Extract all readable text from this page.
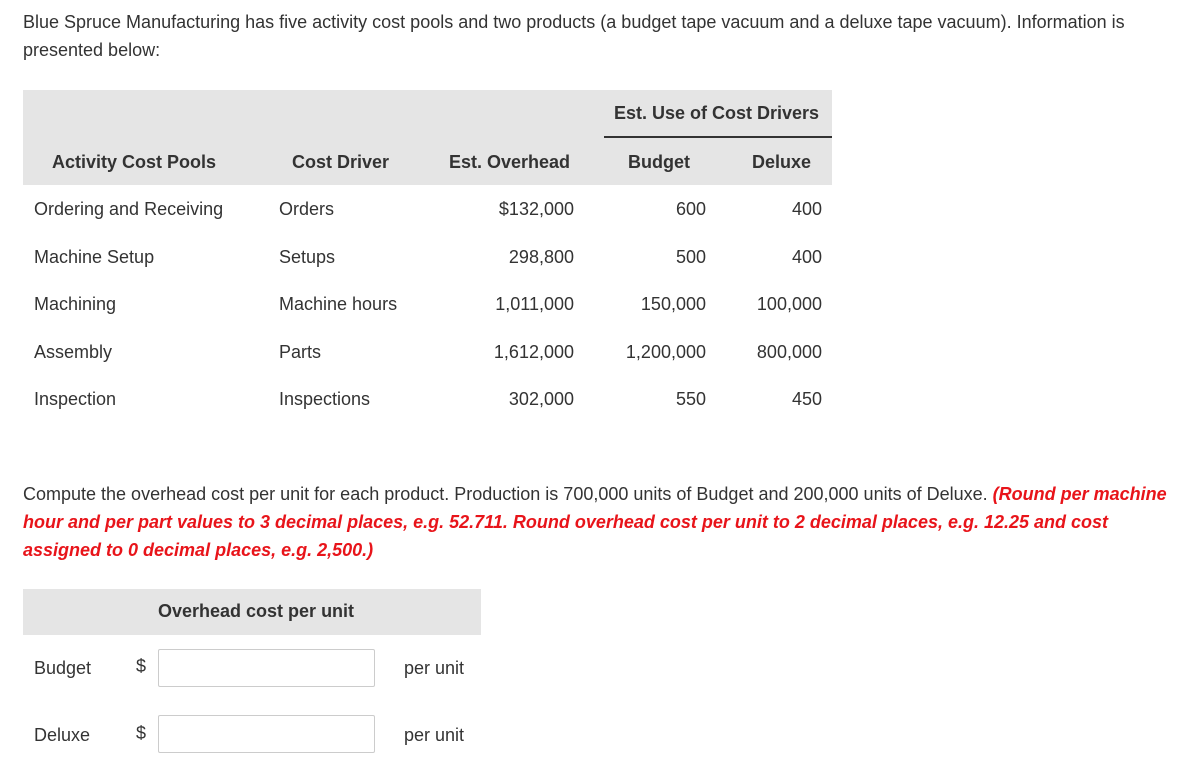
Blue Spruce Manufacturing has five activity cost pools and two products (a budget tape vacuum and a deluxe tape vacuum). Information is presented below:
Est. Use of Cost Drivers
Activity Cost Pools	Cost Driver	Est. Overhead	Budget	Deluxe
Ordering and Receiving	Orders	$132,000	600	400
Machine Setup	Setups	298,800	500	400
Machining	Machine hours	1,011,000	150,000	100,000
Assembly	Parts	1,612,000	1,200,000	800,000
Inspection	Inspections	302,000	550	450
Compute the overhead cost per unit for each product. Production is 700,000 units of Budget and 200,000 units of Deluxe. (Round per machine hour and per part values to 3 decimal places, e.g. 52.711. Round overhead cost per unit to 2 decimal places, e.g. 12.25 and cost assigned to 0 decimal places, e.g. 2,500.)
Overhead cost per unit
Budget $	per unit
Deluxe	$	per unit
